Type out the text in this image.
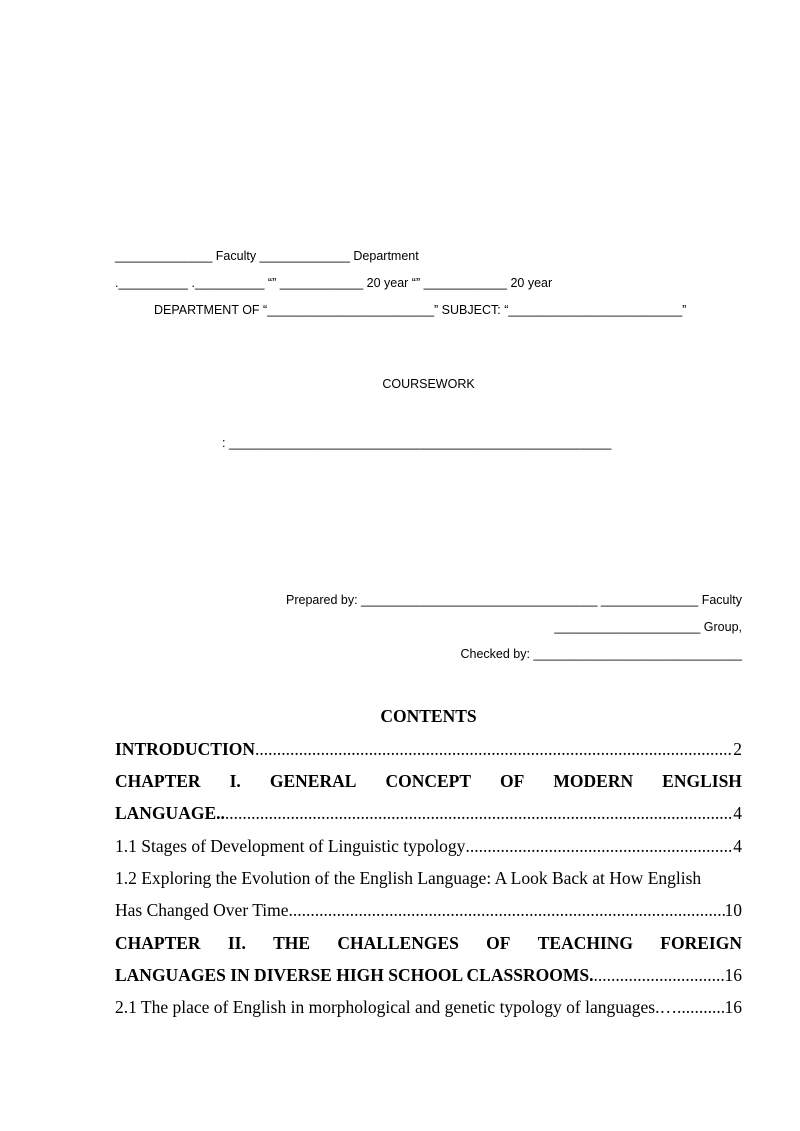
______________ Faculty _____________ Department
.__________ .__________ “” ____________ 20 year “” ____________ 20 year
DEPARTMENT OF “________________________” SUBJECT: “_________________________”
COURSEWORK
: _______________________________________________________
Prepared by: __________________________________ ______________ Faculty
_____________________ Group,
Checked by: ______________________________
CONTENTS
INTRODUCTION .....	2
CHAPTER I. GENERAL CONCEPT OF MODERN ENGLISH
LANGUAGE.. .....	4
1.1 Stages of Development of Linguistic typology .....	4
1.2 Exploring the Evolution of the English Language: A Look Back at How English
Has Changed Over Time .....	10
CHAPTER II. THE CHALLENGES OF TEACHING FOREIGN
LANGUAGES IN DIVERSE HIGH SCHOOL CLASSROOMS. .....	16
2.1 The place of English in morphological and genetic typology of languages.… .....	16
